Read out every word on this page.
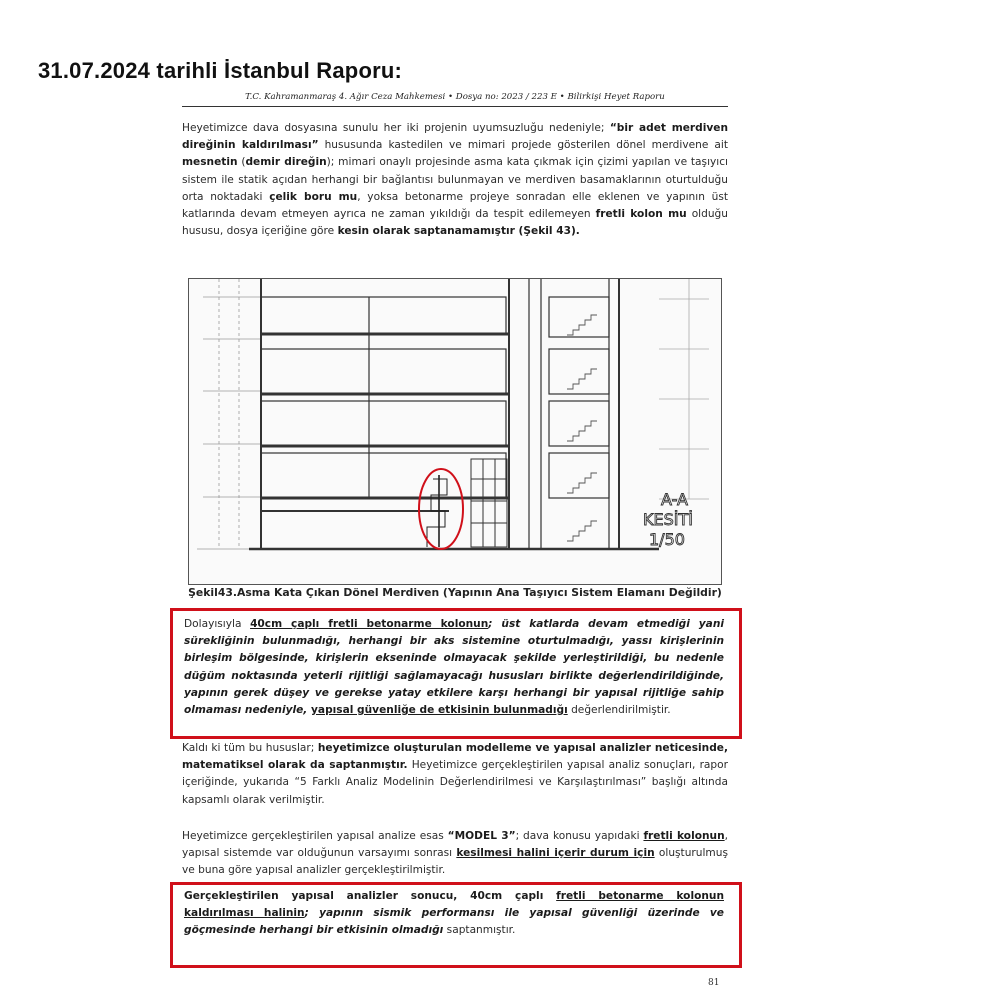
31.07.2024 tarihli İstanbul Raporu:
T.C. Kahramanmaraş 4. Ağır Ceza Mahkemesi • Dosya no: 2023 / 223 E • Bilirkişi Heyet Raporu

Heyetimizce dava dosyasına sunulu her iki projenin uyumsuzluğu nedeniyle; “bir adet merdiven direğinin kaldırılması” hususunda kastedilen ve mimari projede gösterilen dönel merdivene ait mesnetin (demir direğin); mimari onaylı projesinde asma kata çıkmak için çizimi yapılan ve taşıyıcı sistem ile statik açıdan herhangi bir bağlantısı bulunmayan ve merdiven basamaklarının oturtulduğu orta noktadaki çelik boru mu, yoksa betonarme projeye sonradan elle eklenen ve yapının üst katlarında devam etmeyen ayrıca ne zaman yıkıldığı da tespit edilemeyen fretli kolon mu olduğu hususu, dosya içeriğine göre kesin olarak saptanamamıştır (Şekil 43).

A-A
KESİTİ
1/50
Şekil43.Asma Kata Çıkan Dönel Merdiven (Yapının Ana Taşıyıcı Sistem Elamanı Değildir)

Dolayısıyla 40cm çaplı fretli betonarme kolonun; üst katlarda devam etmediği yani sürekliğinin bulunmadığı, herhangi bir aks sistemine oturtulmadığı, yassı kirişlerinin birleşim bölgesinde, kirişlerin ekseninde olmayacak şekilde yerleştirildiği, bu nedenle düğüm noktasında yeterli rijitliği sağlamayacağı hususları birlikte değerlendirildiğinde, yapının gerek düşey ve gerekse yatay etkilere karşı herhangi bir yapısal rijitliğe sahip olmaması nedeniyle, yapısal güvenliğe de etkisinin bulunmadığı değerlendirilmiştir.

Kaldı ki tüm bu hususlar; heyetimizce oluşturulan modelleme ve yapısal analizler neticesinde, matematiksel olarak da saptanmıştır. Heyetimizce gerçekleştirilen yapısal analiz sonuçları, rapor içeriğinde, yukarıda “5 Farklı Analiz Modelinin Değerlendirilmesi ve Karşılaştırılması” başlığı altında kapsamlı olarak verilmiştir.

Heyetimizce gerçekleştirilen yapısal analize esas “MODEL 3”; dava konusu yapıdaki fretli kolonun, yapısal sistemde var olduğunun varsayımı sonrası kesilmesi halini içerir durum için oluşturulmuş ve buna göre yapısal analizler gerçekleştirilmiştir.

Gerçekleştirilen yapısal analizler sonucu, 40cm çaplı fretli betonarme kolonun kaldırılması halinin; yapının sismik performansı ile yapısal güvenliği üzerinde ve göçmesinde herhangi bir etkisinin olmadığı saptanmıştır.

81
